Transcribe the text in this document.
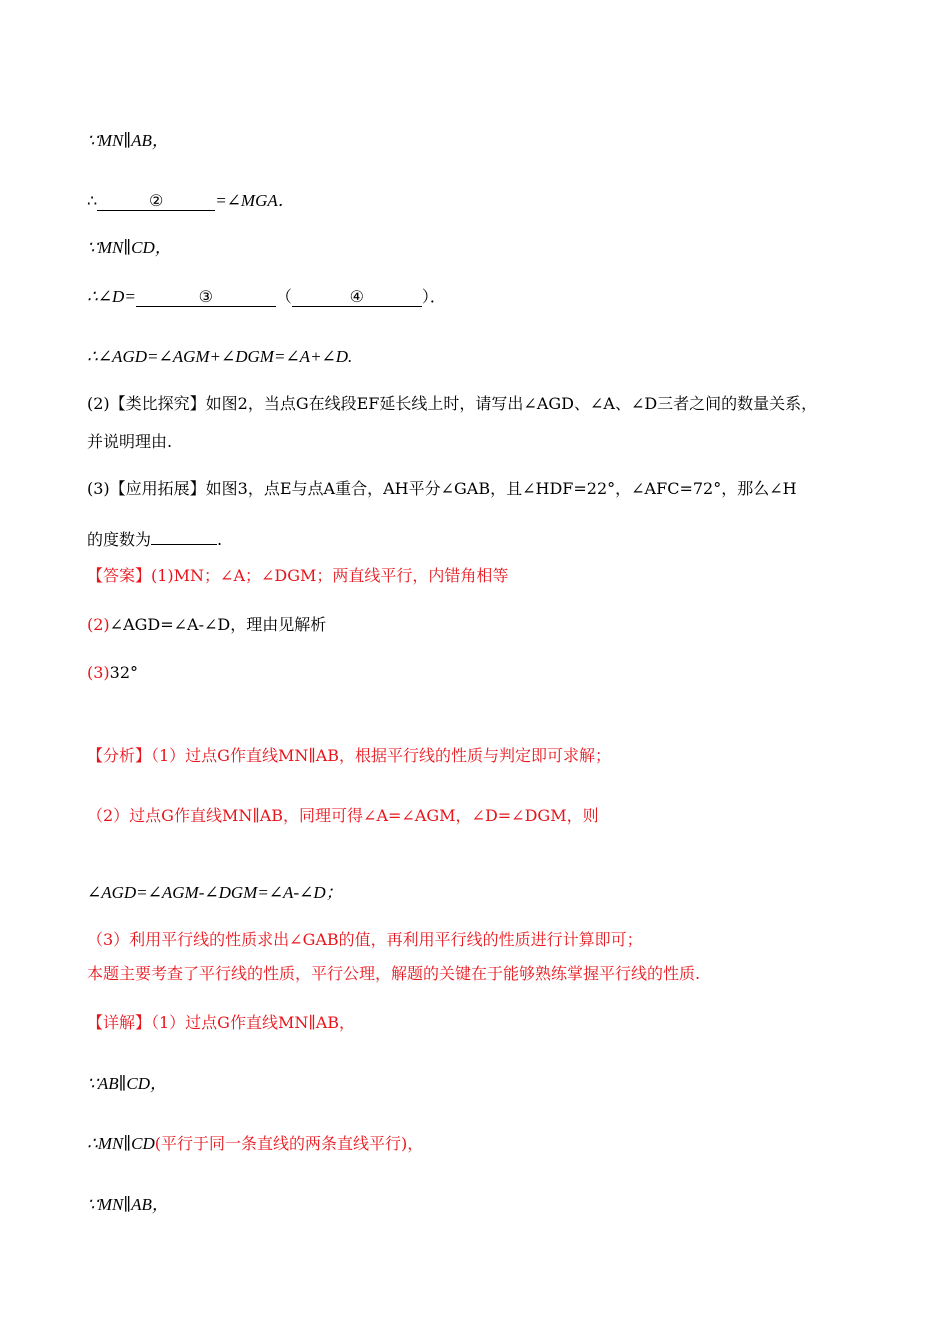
∵MN∥AB，
∴	②	=∠MGA．
∵MN∥CD，
∴∠D=	③	（	④	）．
∴∠AGD=∠AGM+∠DGM=∠A+∠D.
(2)【类比探究】如图2，当点G在线段EF延长线上时，请写出∠AGD、∠A、∠D三者之间的数量关系，
并说明理由.
(3)【应用拓展】如图3，点E与点A重合，AH平分∠GAB，且∠HDF=22°，∠AFC=72°，那么∠H
的度数为	.
【答案】(1)MN；∠A；∠DGM；两直线平行，内错角相等
(2)∠AGD=∠A-∠D，理由见解析
(3)32°
【分析】（1）过点G作直线MN∥AB，根据平行线的性质与判定即可求解；
（2）过点G作直线MN∥AB，同理可得∠A=∠AGM，∠D=∠DGM，则
∠AGD=∠AGM-∠DGM=∠A-∠D；
（3）利用平行线的性质求出∠GAB的值，再利用平行线的性质进行计算即可；
本题主要考查了平行线的性质，平行公理，解题的关键在于能够熟练掌握平行线的性质.
【详解】（1）过点G作直线MN∥AB，
∵AB∥CD，
∴MN∥CD(平行于同一条直线的两条直线平行)，
∵MN∥AB，
